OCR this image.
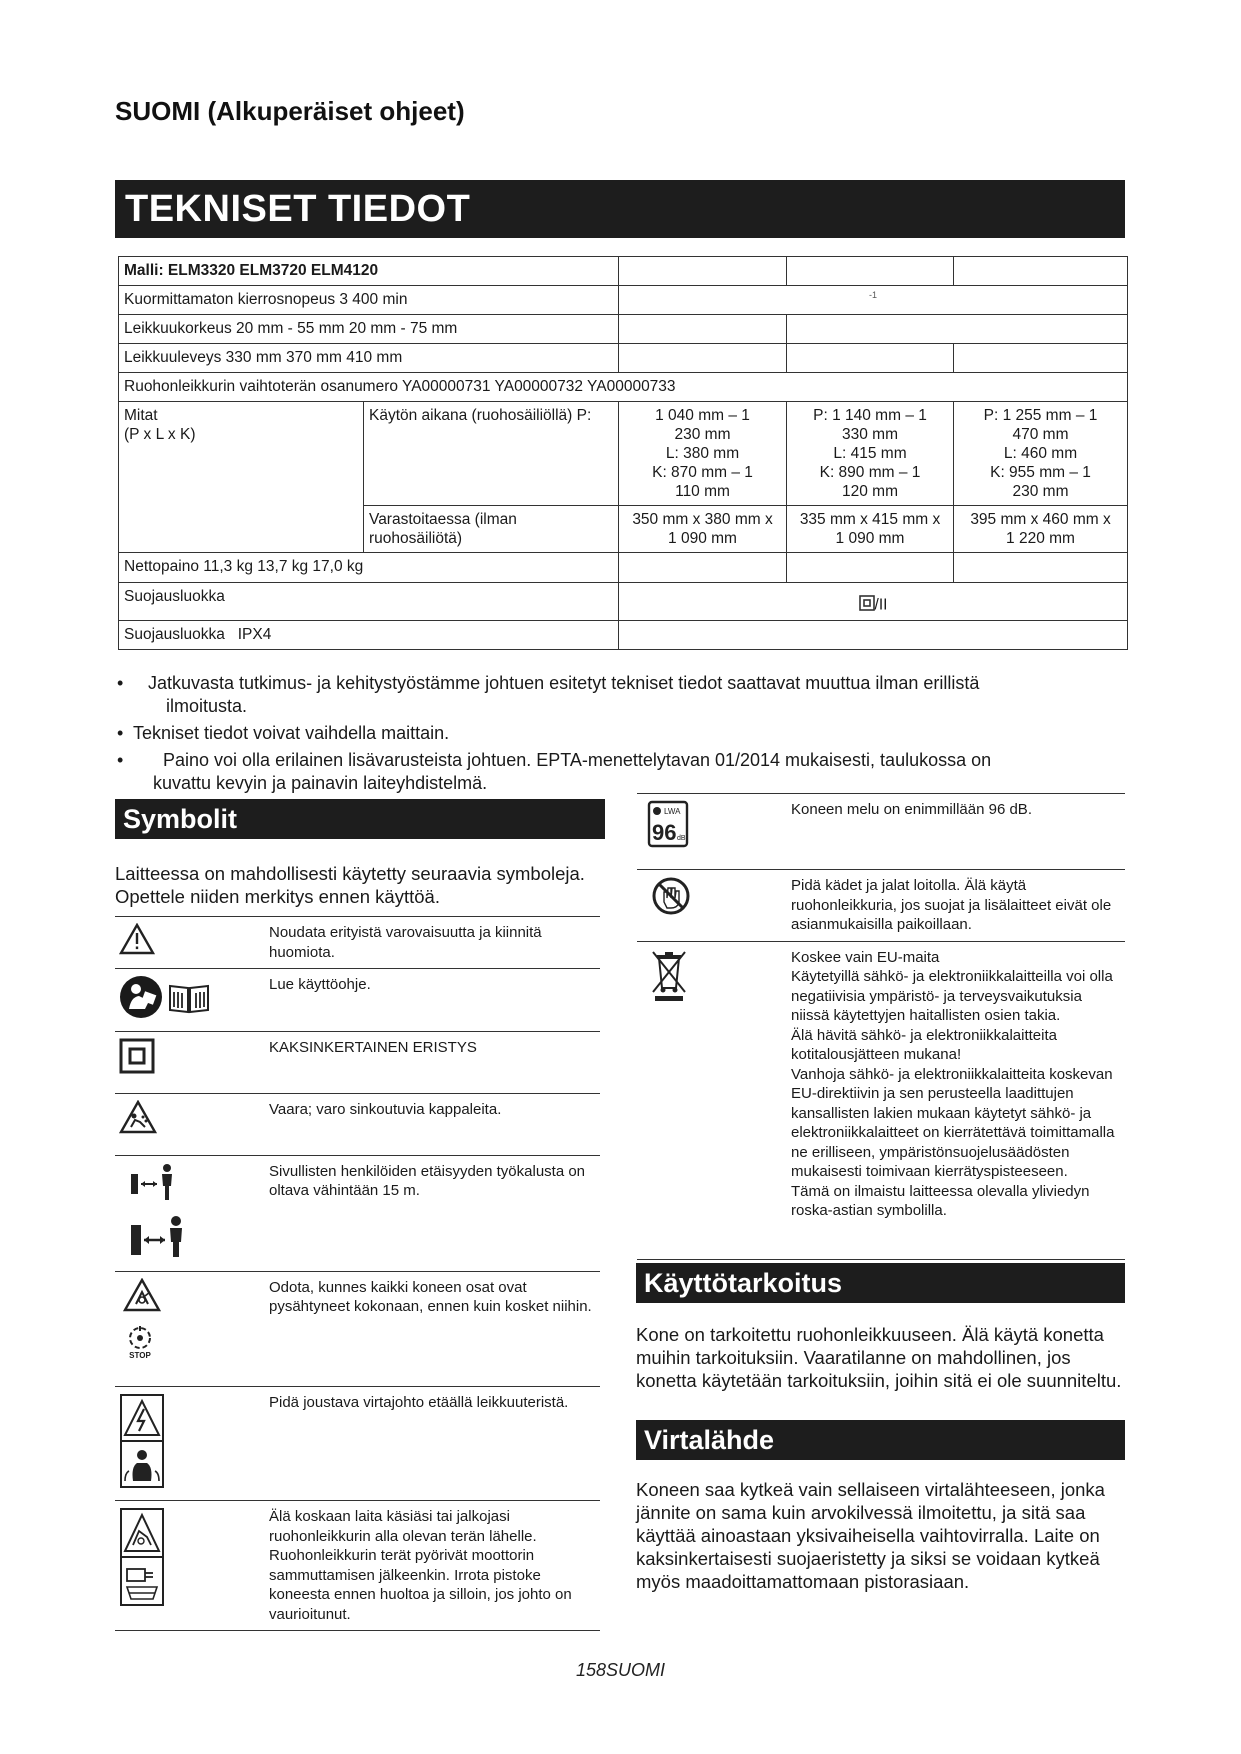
SUOMI (Alkuperäiset ohjeet)
TEKNISET TIEDOT
Malli: ELM3320 ELM3720 ELM4120				
Kuormittamaton kierrosnopeus 3 400 min		-1		

Leikkuukorkeus 20 mm - 55 mm 20 mm - 75 mm				
Leikkuuleveys 330 mm 370 mm 410 mm				
Ruohonleikkurin vaihtoterän osanumero YA00000731 YA00000732 YA00000733				
Mitat
(P x L x K)	Käytön aikana (ruohosäiliöllä) P:	1 040 mm – 1
230 mm
L: 380 mm
K: 870 mm – 1
110 mm	P: 1 140 mm – 1
330 mm
L: 415 mm
K: 890 mm – 1
120 mm	P: 1 255 mm – 1
470 mm
L: 460 mm
K: 955 mm – 1
230 mm
	Varastoitaessa (ilman
ruohosäiliötä)	350 mm x 380 mm x
1 090 mm	335 mm x 415 mm x
1 090 mm	395 mm x 460 mm x
1 220 mm
Nettopaino 11,3 kg 13,7 kg 17,0 kg				
Suojausluokka		/II		
Suojausluokka IPX4				
•	Jatkuvasta tutkimus- ja kehitystyöstämme johtuen esitetyt tekniset tiedot saattavat muuttua ilman erillistä
ilmoitusta.
• Tekniset tiedot voivat vaihdella maittain.
•	Paino voi olla erilainen lisävarusteista johtuen. EPTA-menettelytavan 01/2014 mukaisesti, taulukossa on
kuvattu kevyin ja painavin laiteyhdistelmä.
Symbolit
Laitteessa on mahdollisesti käytetty seuraavia symboleja. Opettele niiden merkitys ennen käyttöä.
	Noudata erityistä varovaisuutta ja kiinnitä huomiota.

	Lue käyttöohje.
	KAKSINKERTAINEN ERISTYS
	Vaara; varo sinkoutuvia kappaleita.

	Sivullisten henkilöiden etäisyyden työkalusta on oltava vähintään 15 m.

STOP	Odota, kunnes kaikki koneen osat ovat pysähtyneet kokonaan, ennen kuin kosket niihin.

	Pidä joustava virtajohto etäällä leikkuuteristä.

	Älä koskaan laita käsiäsi tai jalkojasi ruohonleikkurin alla olevan terän lähelle. Ruohonleikkurin terät pyörivät moottorin sammuttamisen jälkeenkin. Irrota pistoke koneesta ennen huoltoa ja silloin, jos johto on vaurioitunut.
LWA
96 dB	Koneen melu on enimmillään 96 dB.

	Pidä kädet ja jalat loitolla. Älä käytä ruohonleikkuria, jos suojat ja lisälaitteet eivät ole asianmukaisilla paikoillaan.

	Koskee vain EU-maita
Käytetyillä sähkö- ja elektroniikkalaitteilla voi olla negatiivisia ympäristö- ja terveysvaikutuksia niissä käytettyjen haitallisten osien takia.
Älä hävitä sähkö- ja elektroniikkalaitteita kotitalousjätteen mukana!
Vanhoja sähkö- ja elektroniikkalaitteita koskevan EU-direktiivin ja sen perusteella laadittujen kansallisten lakien mukaan käytetyt sähkö- ja elektroniikkalaitteet on kierrätettävä toimittamalla ne erilliseen, ympäristönsuojelusäädösten mukaisesti toimivaan kierrätyspisteeseen.
Tämä on ilmaistu laitteessa olevalla yliviedyn roska-astian symbolilla.
Käyttötarkoitus
Kone on tarkoitettu ruohonleikkuuseen. Älä käytä konetta muihin tarkoituksiin. Vaaratilanne on mahdollinen, jos konetta käytetään tarkoituksiin, joihin sitä ei ole suunniteltu.
Virtalähde
Koneen saa kytkeä vain sellaiseen virtalähteeseen, jonka jännite on sama kuin arvokilvessä ilmoitettu, ja sitä saa käyttää ainoastaan yksivaiheisella vaihtovirralla. Laite on kaksinkertaisesti suojaeristetty ja siksi se voidaan kytkeä myös maadoittamattomaan pistorasiaan.
158SUOMI
